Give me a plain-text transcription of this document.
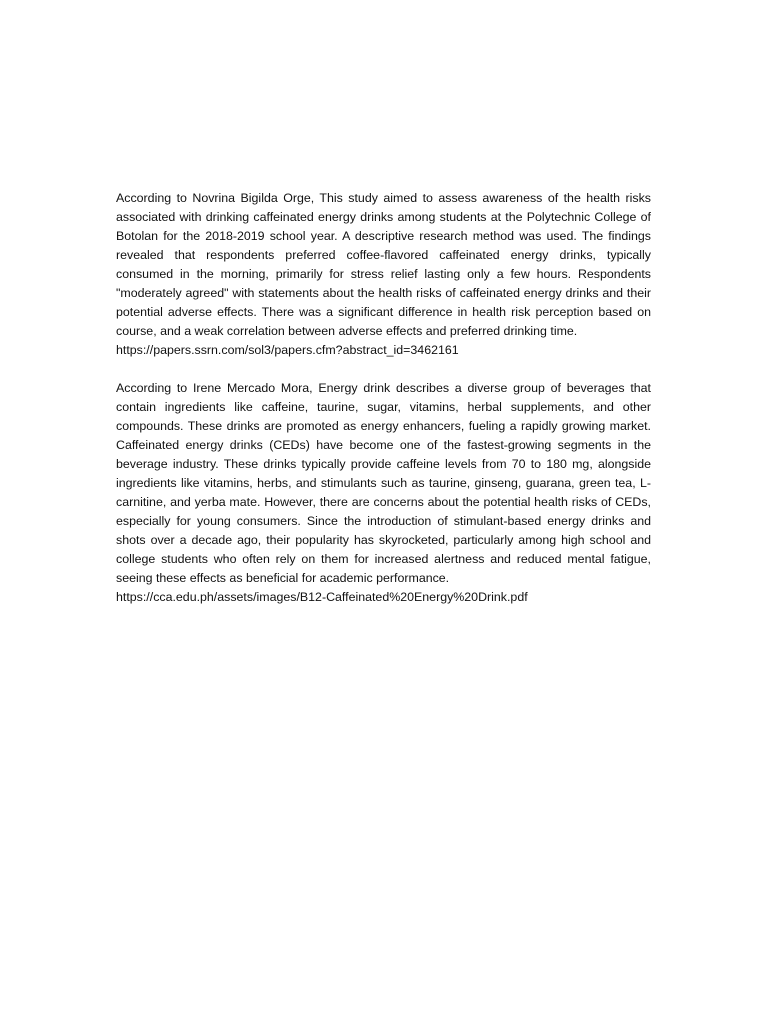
According to Novrina Bigilda Orge, This study aimed to assess awareness of the health risks associated with drinking caffeinated energy drinks among students at the Polytechnic College of Botolan for the 2018-2019 school year. A descriptive research method was used. The findings revealed that respondents preferred coffee-flavored caffeinated energy drinks, typically consumed in the morning, primarily for stress relief lasting only a few hours. Respondents "moderately agreed" with statements about the health risks of caffeinated energy drinks and their potential adverse effects. There was a significant difference in health risk perception based on course, and a weak correlation between adverse effects and preferred drinking time.

https://papers.ssrn.com/sol3/papers.cfm?abstract_id=3462161

According to Irene Mercado Mora, Energy drink describes a diverse group of beverages that contain ingredients like caffeine, taurine, sugar, vitamins, herbal supplements, and other compounds. These drinks are promoted as energy enhancers, fueling a rapidly growing market. Caffeinated energy drinks (CEDs) have become one of the fastest-growing segments in the beverage industry. These drinks typically provide caffeine levels from 70 to 180 mg, alongside ingredients like vitamins, herbs, and stimulants such as taurine, ginseng, guarana, green tea, L-carnitine, and yerba mate. However, there are concerns about the potential health risks of CEDs, especially for young consumers. Since the introduction of stimulant-based energy drinks and shots over a decade ago, their popularity has skyrocketed, particularly among high school and college students who often rely on them for increased alertness and reduced mental fatigue, seeing these effects as beneficial for academic performance.

https://cca.edu.ph/assets/images/B12-Caffeinated%20Energy%20Drink.pdf
